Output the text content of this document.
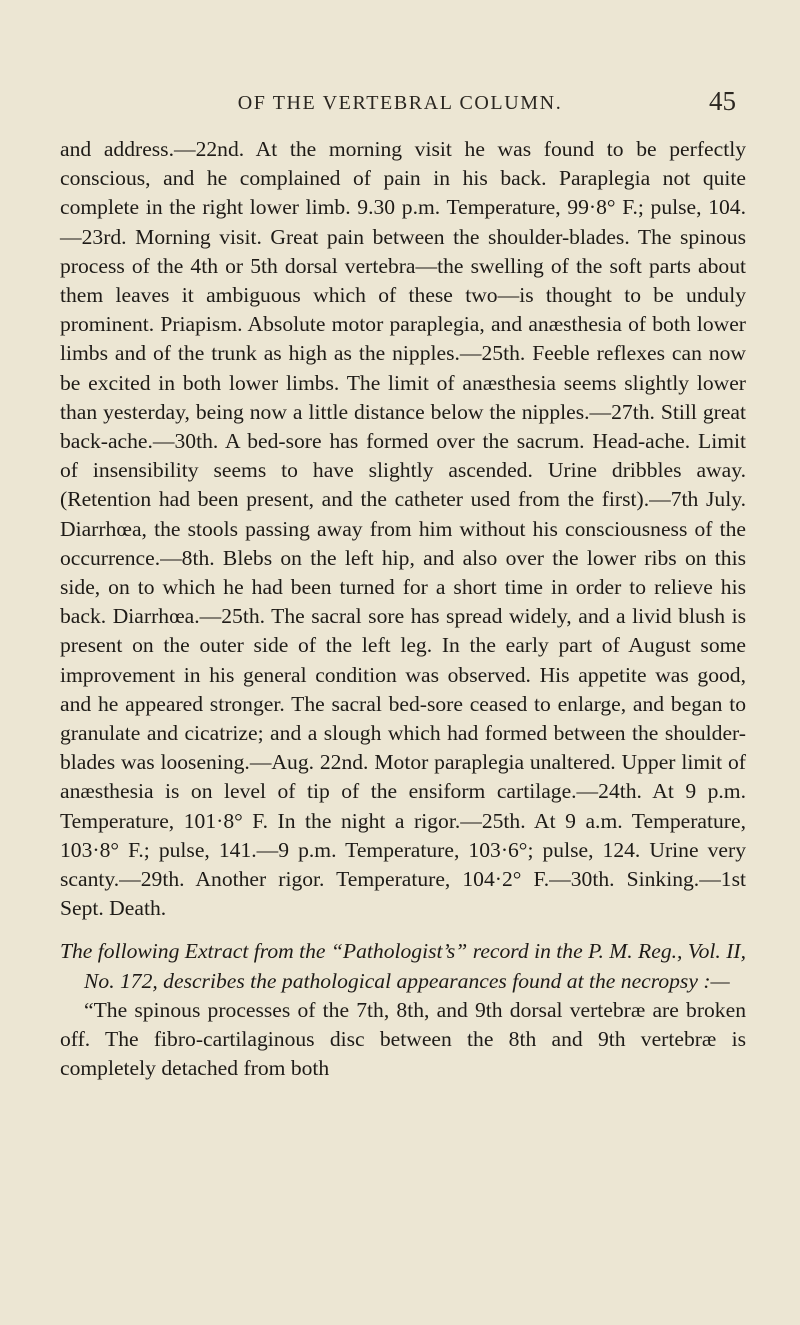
OF THE VERTEBRAL COLUMN.	45

and address.—22nd. At the morning visit he was found to be perfectly conscious, and he complained of pain in his back. Paraplegia not quite complete in the right lower limb. 9.30 p.m. Temperature, 99·8° F.; pulse, 104.—23rd. Morning visit. Great pain between the shoulder-blades. The spinous process of the 4th or 5th dorsal vertebra—the swelling of the soft parts about them leaves it ambiguous which of these two—is thought to be unduly prominent. Priapism. Absolute motor paraplegia, and anæsthesia of both lower limbs and of the trunk as high as the nipples.—25th. Feeble reflexes can now be excited in both lower limbs. The limit of anæsthesia seems slightly lower than yesterday, being now a little distance below the nipples.—27th. Still great back-ache.—30th. A bed-sore has formed over the sacrum. Head-ache. Limit of insensibility seems to have slightly ascended. Urine dribbles away. (Retention had been present, and the catheter used from the first).—7th July. Diarrhœa, the stools passing away from him without his consciousness of the occurrence.—8th. Blebs on the left hip, and also over the lower ribs on this side, on to which he had been turned for a short time in order to relieve his back. Diarrhœa.—25th. The sacral sore has spread widely, and a livid blush is present on the outer side of the left leg. In the early part of August some improvement in his general condition was observed. His appetite was good, and he appeared stronger. The sacral bed-sore ceased to enlarge, and began to granulate and cicatrize; and a slough which had formed between the shoulder-blades was loosening.—Aug. 22nd. Motor paraplegia unaltered. Upper limit of anæsthesia is on level of tip of the ensiform cartilage.—24th. At 9 p.m. Temperature, 101·8° F. In the night a rigor.—25th. At 9 a.m. Temperature, 103·8° F.; pulse, 141.—9 p.m. Temperature, 103·6°; pulse, 124. Urine very scanty.—29th. Another rigor. Temperature, 104·2° F.—30th. Sinking.—1st Sept. Death.

The following Extract from the “Pathologist’s” record in the P. M. Reg., Vol. II, No. 172, describes the pathological appearances found at the necropsy :—

“The spinous processes of the 7th, 8th, and 9th dorsal vertebræ are broken off. The fibro-cartilaginous disc between the 8th and 9th vertebræ is completely detached from both
